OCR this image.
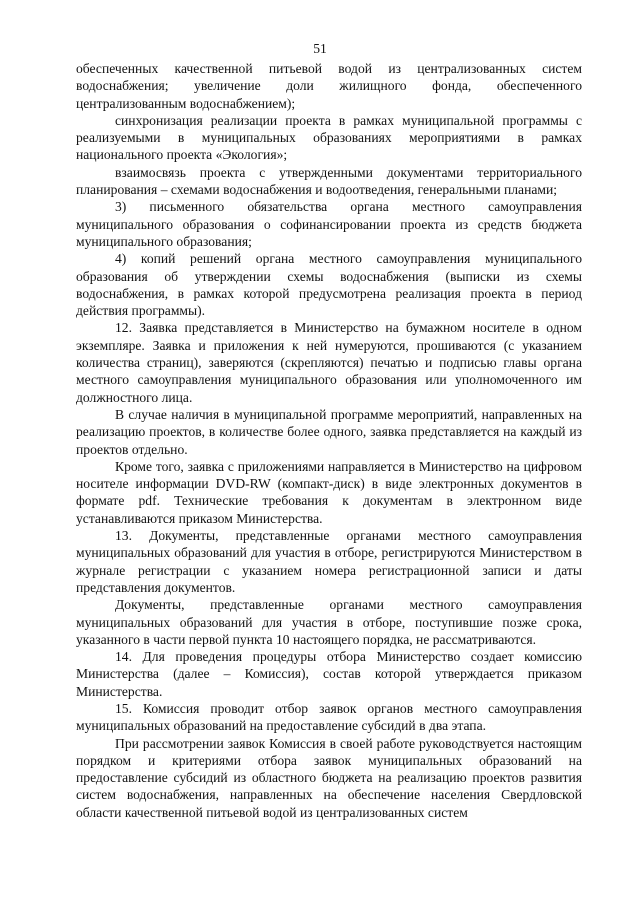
51

обеспеченных качественной питьевой водой из централизованных систем водоснабжения; увеличение доли жилищного фонда, обеспеченного централизованным водоснабжением);

синхронизация реализации проекта в рамках муниципальной программы с реализуемыми в муниципальных образованиях мероприятиями в рамках национального проекта «Экология»;

взаимосвязь проекта с утвержденными документами территориального планирования – схемами водоснабжения и водоотведения, генеральными планами;

3) письменного обязательства органа местного самоуправления муниципального образования о софинансировании проекта из средств бюджета муниципального образования;

4) копий решений органа местного самоуправления муниципального образования об утверждении схемы водоснабжения (выписки из схемы водоснабжения, в рамках которой предусмотрена реализация проекта в период действия программы).

12. Заявка представляется в Министерство на бумажном носителе в одном экземпляре. Заявка и приложения к ней нумеруются, прошиваются (с указанием количества страниц), заверяются (скрепляются) печатью и подписью главы органа местного самоуправления муниципального образования или уполномоченного им должностного лица.

В случае наличия в муниципальной программе мероприятий, направленных на реализацию проектов, в количестве более одного, заявка представляется на каждый из проектов отдельно.

Кроме того, заявка с приложениями направляется в Министерство на цифровом носителе информации DVD-RW (компакт-диск) в виде электронных документов в формате pdf. Технические требования к документам в электронном виде устанавливаются приказом Министерства.

13. Документы, представленные органами местного самоуправления муниципальных образований для участия в отборе, регистрируются Министерством в журнале регистрации с указанием номера регистрационной записи и даты представления документов.

Документы, представленные органами местного самоуправления муниципальных образований для участия в отборе, поступившие позже срока, указанного в части первой пункта 10 настоящего порядка, не рассматриваются.

14. Для проведения процедуры отбора Министерство создает комиссию Министерства (далее – Комиссия), состав которой утверждается приказом Министерства.

15. Комиссия проводит отбор заявок органов местного самоуправления муниципальных образований на предоставление субсидий в два этапа.

При рассмотрении заявок Комиссия в своей работе руководствуется настоящим порядком и критериями отбора заявок муниципальных образований на предоставление субсидий из областного бюджета на реализацию проектов развития систем водоснабжения, направленных на обеспечение населения Свердловской области качественной питьевой водой из централизованных систем
